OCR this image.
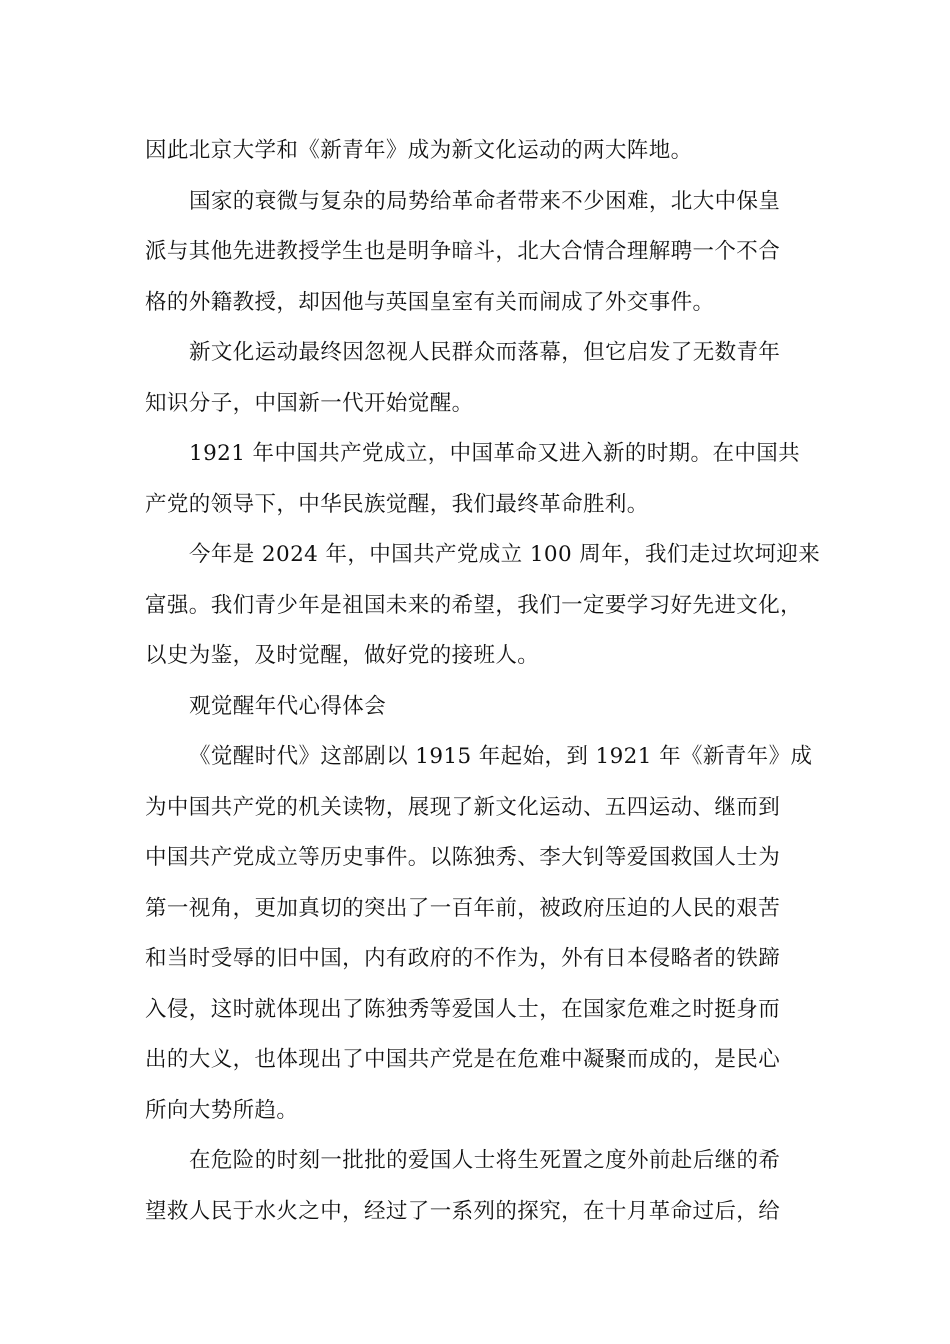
因此北京大学和《新青年》成为新文化运动的两大阵地。
国家的衰微与复杂的局势给革命者带来不少困难，北大中保皇
派与其他先进教授学生也是明争暗斗，北大合情合理解聘一个不合
格的外籍教授，却因他与英国皇室有关而闹成了外交事件。
新文化运动最终因忽视人民群众而落幕，但它启发了无数青年
知识分子，中国新一代开始觉醒。
1921 年中国共产党成立，中国革命又进入新的时期。在中国共
产党的领导下，中华民族觉醒，我们最终革命胜利。
今年是 2024 年，中国共产党成立 100 周年，我们走过坎坷迎来
富强。我们青少年是祖国未来的希望，我们一定要学习好先进文化，
以史为鉴，及时觉醒，做好党的接班人。
观觉醒年代心得体会
《觉醒时代》这部剧以 1915 年起始，到 1921 年《新青年》成
为中国共产党的机关读物，展现了新文化运动、五四运动、继而到
中国共产党成立等历史事件。以陈独秀、李大钊等爱国救国人士为
第一视角，更加真切的突出了一百年前，被政府压迫的人民的艰苦
和当时受辱的旧中国，内有政府的不作为，外有日本侵略者的铁蹄
入侵，这时就体现出了陈独秀等爱国人士，在国家危难之时挺身而
出的大义，也体现出了中国共产党是在危难中凝聚而成的，是民心
所向大势所趋。
在危险的时刻一批批的爱国人士将生死置之度外前赴后继的希
望救人民于水火之中，经过了一系列的探究，在十月革命过后，给
